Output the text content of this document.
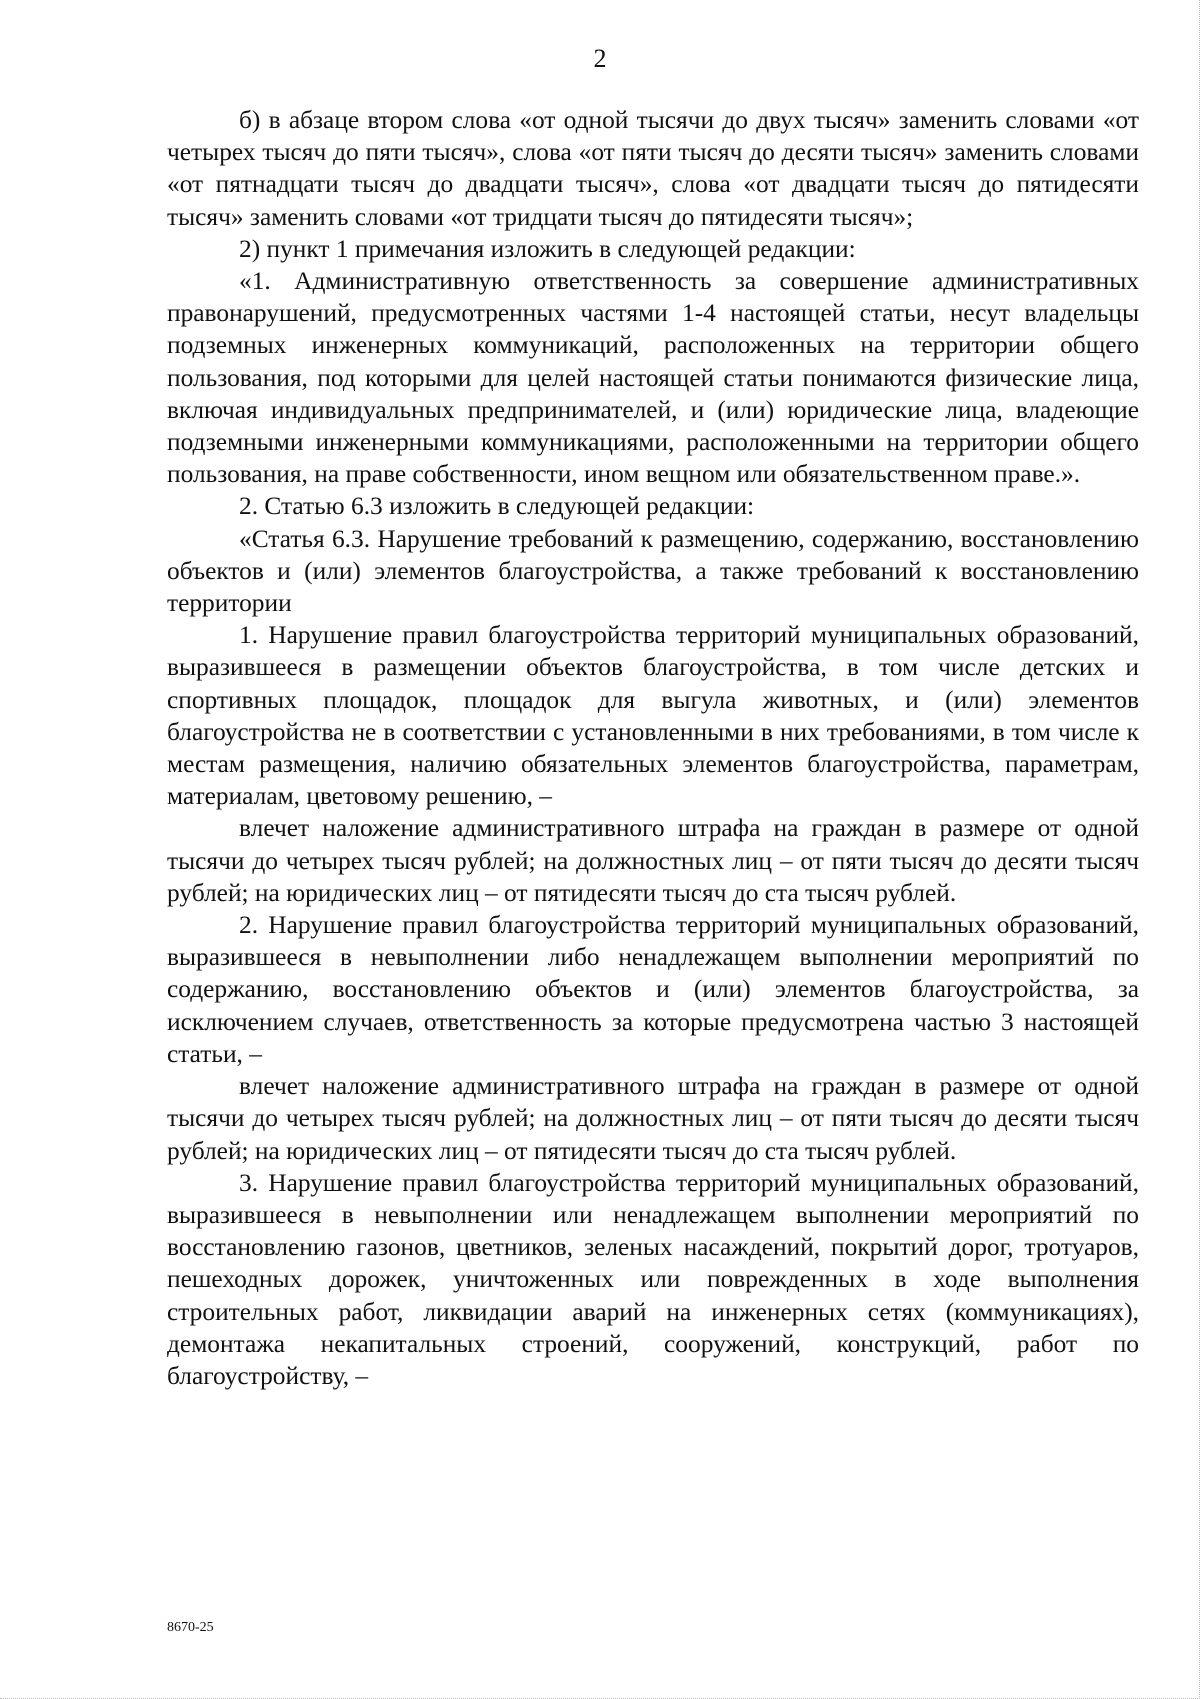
2

б) в абзаце втором слова «от одной тысячи до двух тысяч» заменить словами «от четырех тысяч до пяти тысяч», слова «от пяти тысяч до десяти тысяч» заменить словами «от пятнадцати тысяч до двадцати тысяч», слова «от двадцати тысяч до пятидесяти тысяч» заменить словами «от тридцати тысяч до пятидесяти тысяч»;

2) пункт 1 примечания изложить в следующей редакции:

«1. Административную ответственность за совершение административных правонарушений, предусмотренных частями 1-4 настоящей статьи, несут владельцы подземных инженерных коммуникаций, расположенных на территории общего пользования, под которыми для целей настоящей статьи понимаются физические лица, включая индивидуальных предпринимателей, и (или) юридические лица, владеющие подземными инженерными коммуникациями, расположенными на территории общего пользования, на праве собственности, ином вещном или обязательственном праве.».

2. Статью 6.3 изложить в следующей редакции:

«Статья 6.3. Нарушение требований к размещению, содержанию, восстановлению объектов и (или) элементов благоустройства, а также требований к восстановлению территории

1. Нарушение правил благоустройства территорий муниципальных образований, выразившееся в размещении объектов благоустройства, в том числе детских и спортивных площадок, площадок для выгула животных, и (или) элементов благоустройства не в соответствии с установленными в них требованиями, в том числе к местам размещения, наличию обязательных элементов благоустройства, параметрам, материалам, цветовому решению, –

влечет наложение административного штрафа на граждан в размере от одной тысячи до четырех тысяч рублей; на должностных лиц – от пяти тысяч до десяти тысяч рублей; на юридических лиц – от пятидесяти тысяч до ста тысяч рублей.

2. Нарушение правил благоустройства территорий муниципальных образований, выразившееся в невыполнении либо ненадлежащем выполнении мероприятий по содержанию, восстановлению объектов и (или) элементов благоустройства, за исключением случаев, ответственность за которые предусмотрена частью 3 настоящей статьи, –

влечет наложение административного штрафа на граждан в размере от одной тысячи до четырех тысяч рублей; на должностных лиц – от пяти тысяч до десяти тысяч рублей; на юридических лиц – от пятидесяти тысяч до ста тысяч рублей.

3. Нарушение правил благоустройства территорий муниципальных образований, выразившееся в невыполнении или ненадлежащем выполнении мероприятий по восстановлению газонов, цветников, зеленых насаждений, покрытий дорог, тротуаров, пешеходных дорожек, уничтоженных или поврежденных в ходе выполнения строительных работ, ликвидации аварий на инженерных сетях (коммуникациях), демонтажа некапитальных строений, сооружений, конструкций, работ по благоустройству, –

8670-25
